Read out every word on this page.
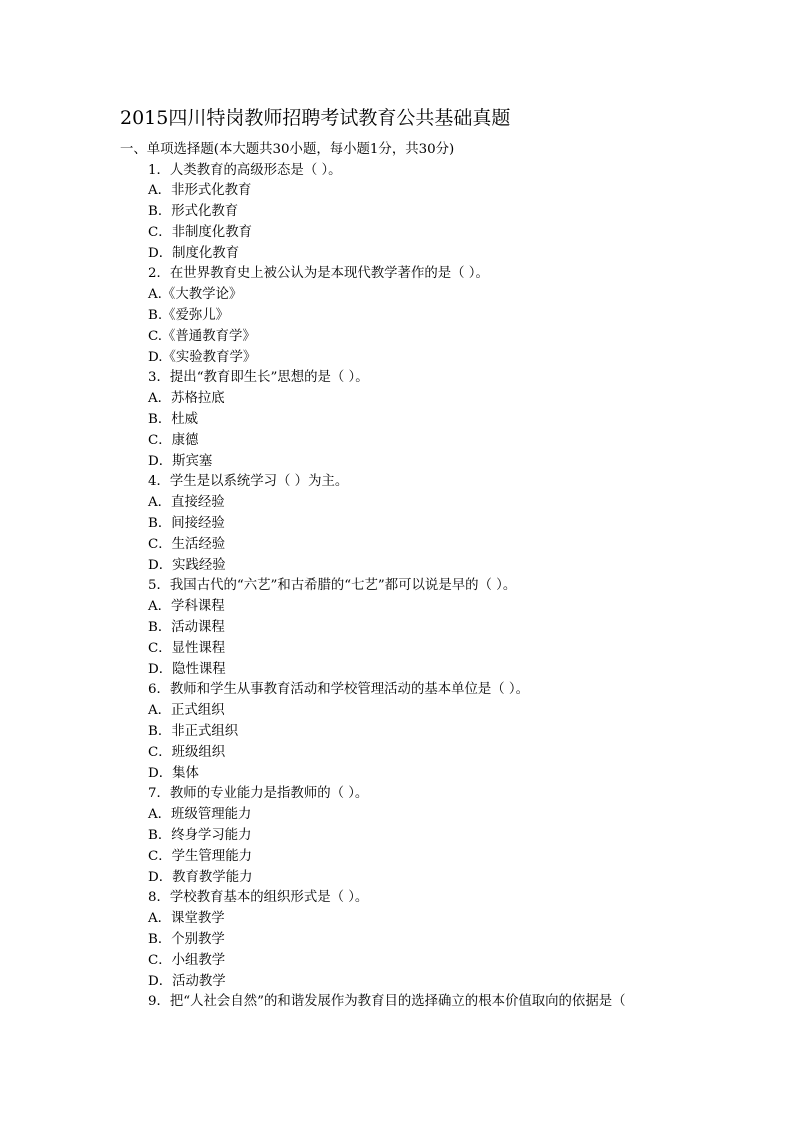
2015四川特岗教师招聘考试教育公共基础真题
一、单项选择题(本大题共30小题，每小题1分，共30分)
1．人类教育的高级形态是（ ）。
A．非形式化教育
B．形式化教育
C．非制度化教育
D．制度化教育
2．在世界教育史上被公认为是本现代教学著作的是（ ）。
A.《大教学论》
B.《爱弥儿》
C.《普通教育学》
D.《实验教育学》
3．提出“教育即生长”思想的是（ ）。
A．苏格拉底
B．杜威
C．康德
D．斯宾塞
4．学生是以系统学习（ ）为主。
A．直接经验
B．间接经验
C．生活经验
D．实践经验
5．我国古代的“六艺”和古希腊的“七艺”都可以说是早的（ ）。
A．学科课程
B．活动课程
C．显性课程
D．隐性课程
6．教师和学生从事教育活动和学校管理活动的基本单位是（ ）。
A．正式组织
B．非正式组织
C．班级组织
D．集体
7．教师的专业能力是指教师的（ ）。
A．班级管理能力
B．终身学习能力
C．学生管理能力
D．教育教学能力
8．学校教育基本的组织形式是（ ）。
A．课堂教学
B．个别教学
C．小组教学
D．活动教学
9．把“人社会自然”的和谐发展作为教育目的选择确立的根本价值取向的依据是（
